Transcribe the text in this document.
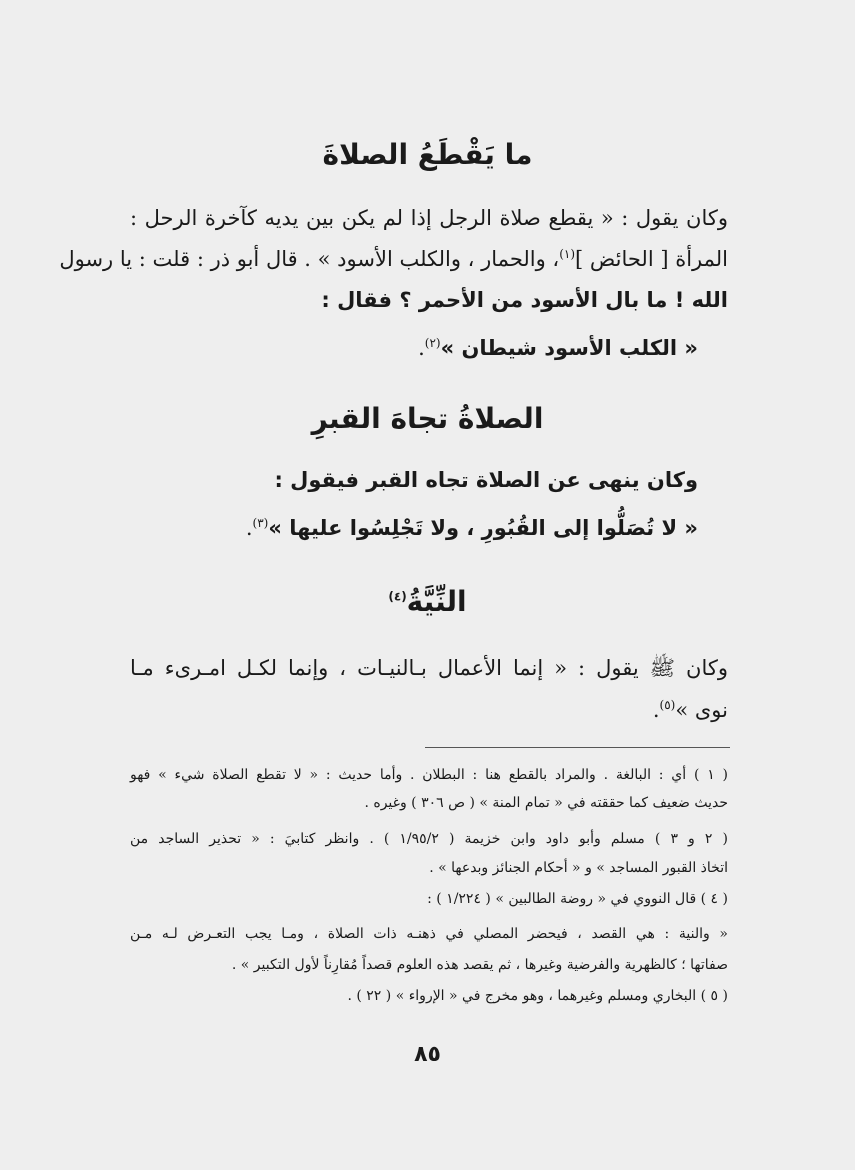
ما يَقْطَعُ الصلاةَ
وكان يقول : « يقطع صلاة الرجل إذا لم يكن بين يديه كآخرة الرحل :
المرأة [ الحائض ]$^{(١)}$، والحمار ، والكلب الأسود » . قال أبو ذر : قلت : يا رسول
الله ! ما بال الأسود من الأحمر ؟ فقال :
« الكلب الأسود شيطان »$^{(٢)}$.
الصلاةُ تجاهَ القبرِ
وكان ينهى عن الصلاة تجاه القبر فيقول :
« لا تُصَلُّوا إلى القُبُورِ ، ولا تَجْلِسُوا عليها »$^{(٣)}$.
النِّيَّةُ$^{(٤)}$
وكان ﷺ يقول : « إنما الأعمال بـالنيـات ، وإنما لكـل امـرىء مـا
نوى »$^{(٥)}$.
( ١ ) أي : البالغة . والمراد بالقطع هنا : البطلان . وأما حديث : « لا تقطع الصلاة شيء » فهو
حديث ضعيف كما حققته في « تمام المنة » ( ص ٣٠٦ ) وغيره .
( ٢ و ٣ ) مسلم وأبو داود وابن خزيمة ( ١/٩٥/٢ ) . وانظر كتابيَ : « تحذير الساجد من
اتخاذ القبور المساجد » و « أحكام الجنائز وبدعها » .
( ٤ ) قال النووي في « روضة الطالبين » ( ١/٢٢٤ ) :
« والنية : هي القصد ، فيحضر المصلي في ذهنـه ذات الصلاة ، ومـا يجب التعـرض لـه مـن
صفاتها ؛ كالظهرية والفرضية وغيرها ، ثم يقصد هذه العلوم قصداً مُقارِناً لأول التكبير » .
( ٥ ) البخاري ومسلم وغيرهما ، وهو مخرج في « الإرواء » ( ٢٢ ) .
٨٥
